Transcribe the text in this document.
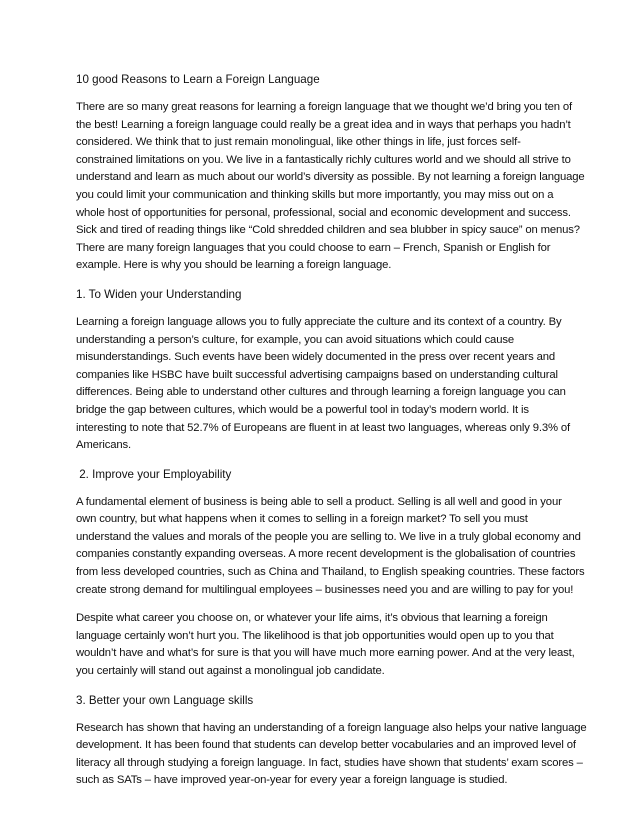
10 good Reasons to Learn a Foreign Language
There are so many great reasons for learning a foreign language that we thought we’d bring you ten of
the best! Learning a foreign language could really be a great idea and in ways that perhaps you hadn’t
considered. We think that to just remain monolingual, like other things in life, just forces self-
constrained limitations on you. We live in a fantastically richly cultures world and we should all strive to
understand and learn as much about our world’s diversity as possible. By not learning a foreign language
you could limit your communication and thinking skills but more importantly, you may miss out on a
whole host of opportunities for personal, professional, social and economic development and success.
Sick and tired of reading things like “Cold shredded children and sea blubber in spicy sauce” on menus?
There are many foreign languages that you could choose to earn – French, Spanish or English for
example. Here is why you should be learning a foreign language.
1. To Widen your Understanding
Learning a foreign language allows you to fully appreciate the culture and its context of a country. By
understanding a person’s culture, for example, you can avoid situations which could cause
misunderstandings. Such events have been widely documented in the press over recent years and
companies like HSBC have built successful advertising campaigns based on understanding cultural
differences. Being able to understand other cultures and through learning a foreign language you can
bridge the gap between cultures, which would be a powerful tool in today’s modern world. It is
interesting to note that 52.7% of Europeans are fluent in at least two languages, whereas only 9.3% of
Americans.
2. Improve your Employability
A fundamental element of business is being able to sell a product. Selling is all well and good in your
own country, but what happens when it comes to selling in a foreign market? To sell you must
understand the values and morals of the people you are selling to. We live in a truly global economy and
companies constantly expanding overseas. A more recent development is the globalisation of countries
from less developed countries, such as China and Thailand, to English speaking countries. These factors
create strong demand for multilingual employees – businesses need you and are willing to pay for you!
Despite what career you choose on, or whatever your life aims, it’s obvious that learning a foreign
language certainly won’t hurt you. The likelihood is that job opportunities would open up to you that
wouldn’t have and what’s for sure is that you will have much more earning power. And at the very least,
you certainly will stand out against a monolingual job candidate.
3. Better your own Language skills
Research has shown that having an understanding of a foreign language also helps your native language
development. It has been found that students can develop better vocabularies and an improved level of
literacy all through studying a foreign language. In fact, studies have shown that students’ exam scores –
such as SATs – have improved year-on-year for every year a foreign language is studied.
